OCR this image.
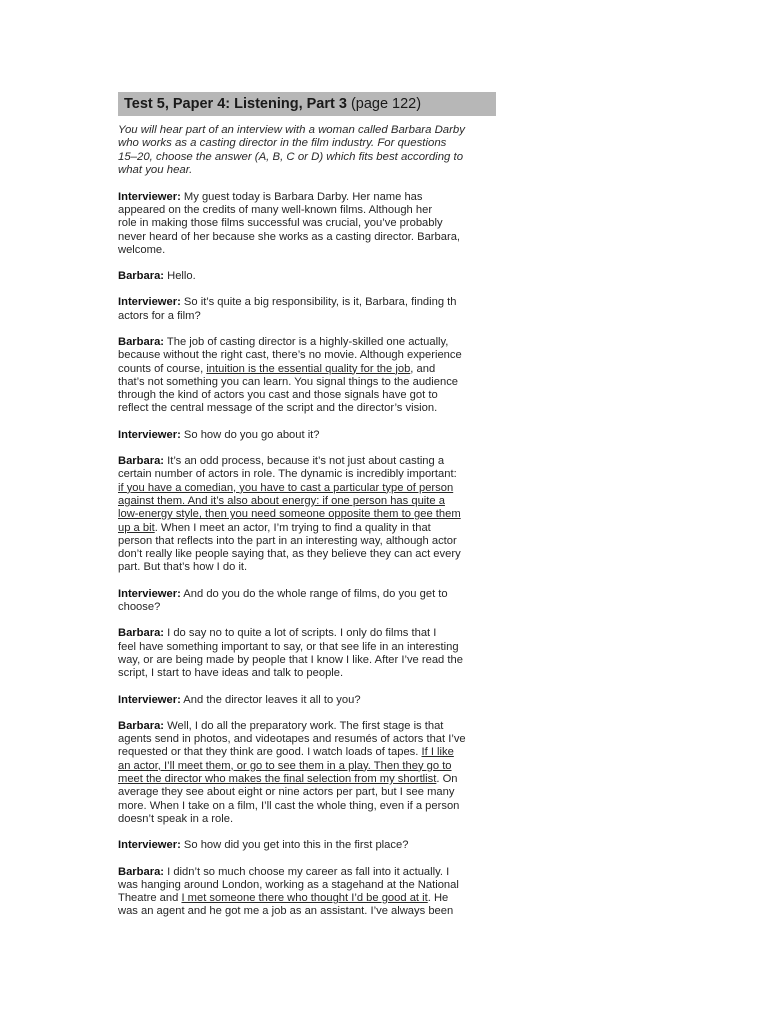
Test 5, Paper 4: Listening, Part 3 (page 122)

You will hear part of an interview with a woman called Barbara Darby
who works as a casting director in the film industry. For questions
15–20, choose the answer (A, B, C or D) which fits best according to
what you hear.

Interviewer: My guest today is Barbara Darby. Her name has
appeared on the credits of many well-known films. Although her
role in making those films successful was crucial, you’ve probably
never heard of her because she works as a casting director. Barbara,
welcome.

Barbara: Hello.

Interviewer: So it’s quite a big responsibility, is it, Barbara, finding th
actors for a film?

Barbara: The job of casting director is a highly-skilled one actually,
because without the right cast, there’s no movie. Although experience
counts of course, intuition is the essential quality for the job, and
that’s not something you can learn. You signal things to the audience
through the kind of actors you cast and those signals have got to
reflect the central message of the script and the director’s vision.

Interviewer: So how do you go about it?

Barbara: It’s an odd process, because it’s not just about casting a
certain number of actors in role. The dynamic is incredibly important:
if you have a comedian, you have to cast a particular type of person
against them. And it’s also about energy: if one person has quite a
low-energy style, then you need someone opposite them to gee them
up a bit. When I meet an actor, I’m trying to find a quality in that
person that reflects into the part in an interesting way, although actor
don’t really like people saying that, as they believe they can act every
part. But that’s how I do it.

Interviewer: And do you do the whole range of films, do you get to
choose?

Barbara: I do say no to quite a lot of scripts. I only do films that I
feel have something important to say, or that see life in an interesting
way, or are being made by people that I know I like. After I’ve read the
script, I start to have ideas and talk to people.

Interviewer: And the director leaves it all to you?

Barbara: Well, I do all the preparatory work. The first stage is that
agents send in photos, and videotapes and resumés of actors that I’ve
requested or that they think are good. I watch loads of tapes. If I like
an actor, I’ll meet them, or go to see them in a play. Then they go to
meet the director who makes the final selection from my shortlist. On
average they see about eight or nine actors per part, but I see many
more. When I take on a film, I’ll cast the whole thing, even if a person
doesn’t speak in a role.

Interviewer: So how did you get into this in the first place?

Barbara: I didn’t so much choose my career as fall into it actually. I
was hanging around London, working as a stagehand at the National
Theatre and I met someone there who thought I’d be good at it. He
was an agent and he got me a job as an assistant. I’ve always been
